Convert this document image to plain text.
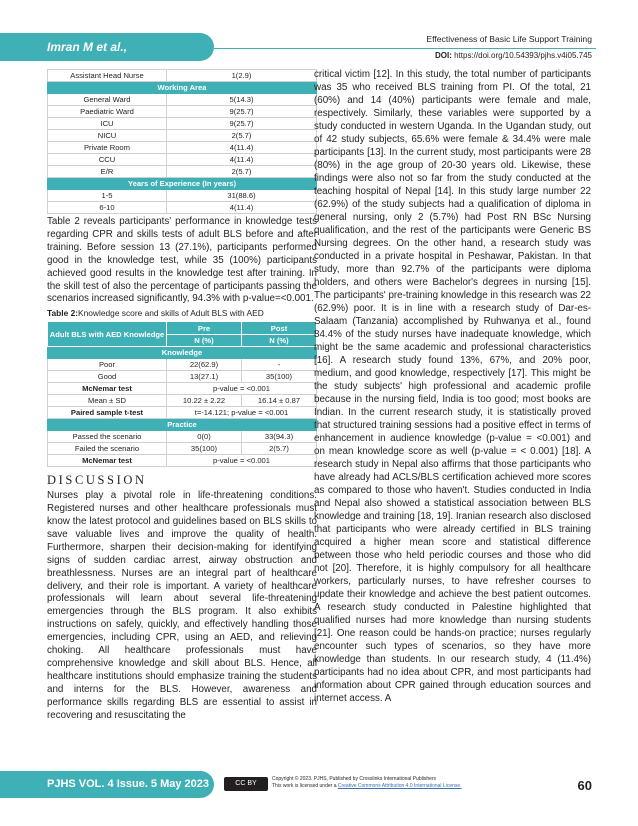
Imran M et al.,
Effectiveness of Basic Life Support Training
DOI: https://doi.org/10.54393/pjhs.v4i05.745
Assistant Head Nurse	1(2.9)
Working Area	
General Ward	5(14.3)
Paediatric Ward	9(25.7)
ICU	9(25.7)
NICU	2(5.7)
Private Room	4(11.4)
CCU	4(11.4)
E/R	2(5.7)
Years of Experience (In years)	
1-5	31(88.6)
6-10	4(11.4)

Table 2 reveals participants' performance in knowledge tests regarding CPR and skills tests of adult BLS before and after training. Before session 13 (27.1%), participants performed good in the knowledge test, while 35 (100%) participants achieved good results in the knowledge test after training. In the skill test of also the percentage of participants passing the scenarios increased significantly, 94.3% with p-value=<0.001.

Table 2:Knowledge score and skills of Adult BLS with AED
Adult BLS with AED Knowledge	Pre	Post
	N (%)	N (%)
Knowledge		
Poor	22(62.9)	-
Good	13(27.1)	35(100)
McNemar test	p-value = <0.001	
Mean ± SD	10.22 ± 2.22	16.14 ± 0.87
Paired sample t-test	t=-14.121; p-value = <0.001	
Practice		
Passed the scenario	0(0)	33(94.3)
Failed the scenario	35(100)	2(5.7)
McNemar test	p-value = <0.001	
DISCUSSION

Nurses play a pivotal role in life-threatening conditions. Registered nurses and other healthcare professionals must know the latest protocol and guidelines based on BLS skills to save valuable lives and improve the quality of health. Furthermore, sharpen their decision-making for identifying signs of sudden cardiac arrest, airway obstruction and breathlessness. Nurses are an integral part of healthcare delivery, and their role is important. A variety of healthcare professionals will learn about several life-threatening emergencies through the BLS program. It also exhibits instructions on safely, quickly, and effectively handling those emergencies, including CPR, using an AED, and relieving choking. All healthcare professionals must have comprehensive knowledge and skill about BLS. Hence, all healthcare institutions should emphasize training the students and interns for the BLS. However, awareness and performance skills regarding BLS are essential to assist in recovering and resuscitating the

critical victim [12]. In this study, the total number of participants was 35 who received BLS training from PI. Of the total, 21 (60%) and 14 (40%) participants were female and male, respectively. Similarly, these variables were supported by a study conducted in western Uganda. In the Ugandan study, out of 42 study subjects, 65.6% were female & 34.4% were male participants [13]. In the current study, most participants were 28 (80%) in the age group of 20-30 years old. Likewise, these findings were also not so far from the study conducted at the teaching hospital of Nepal [14]. In this study large number 22 (62.9%) of the study subjects had a qualification of diploma in general nursing, only 2 (5.7%) had Post RN BSc Nursing qualification, and the rest of the participants were Generic BS Nursing degrees. On the other hand, a research study was conducted in a private hospital in Peshawar, Pakistan. In that study, more than 92.7% of the participants were diploma holders, and others were Bachelor's degrees in nursing [15]. The participants' pre-training knowledge in this research was 22 (62.9%) poor. It is in line with a research study of Dar-es-Salaam (Tanzania) accomplished by Ruhwanya et al., found 84.4% of the study nurses have inadequate knowledge, which might be the same academic and professional characteristics [16]. A research study found 13%, 67%, and 20% poor, medium, and good knowledge, respectively [17]. This might be the study subjects' high professional and academic profile because in the nursing field, India is too good; most books are Indian. In the current research study, it is statistically proved that structured training sessions had a positive effect in terms of enhancement in audience knowledge (p-value = <0.001) and on mean knowledge score as well (p-value = < 0.001) [18]. A research study in Nepal also affirms that those participants who have already had ACLS/BLS certification achieved more scores as compared to those who haven't. Studies conducted in India and Nepal also showed a statistical association between BLS knowledge and training [18, 19]. Iranian research also disclosed that participants who were already certified in BLS training acquired a higher mean score and statistical difference between those who held periodic courses and those who did not [20]. Therefore, it is highly compulsory for all healthcare workers, particularly nurses, to have refresher courses to update their knowledge and achieve the best patient outcomes. A research study conducted in Palestine highlighted that qualified nurses had more knowledge than nursing students [21]. One reason could be hands-on practice; nurses regularly encounter such types of scenarios, so they have more knowledge than students. In our research study, 4 (11.4%) participants had no idea about CPR, and most participants had information about CPR gained through education sources and internet access. A

PJHS VOL. 4 Issue. 5 May 2023	CC BY
Copyright © 2023. PJHS, Published by Crosslinks International Publishers
This work is licensed under a Creative Commons Attribution 4.0 International License.	60
